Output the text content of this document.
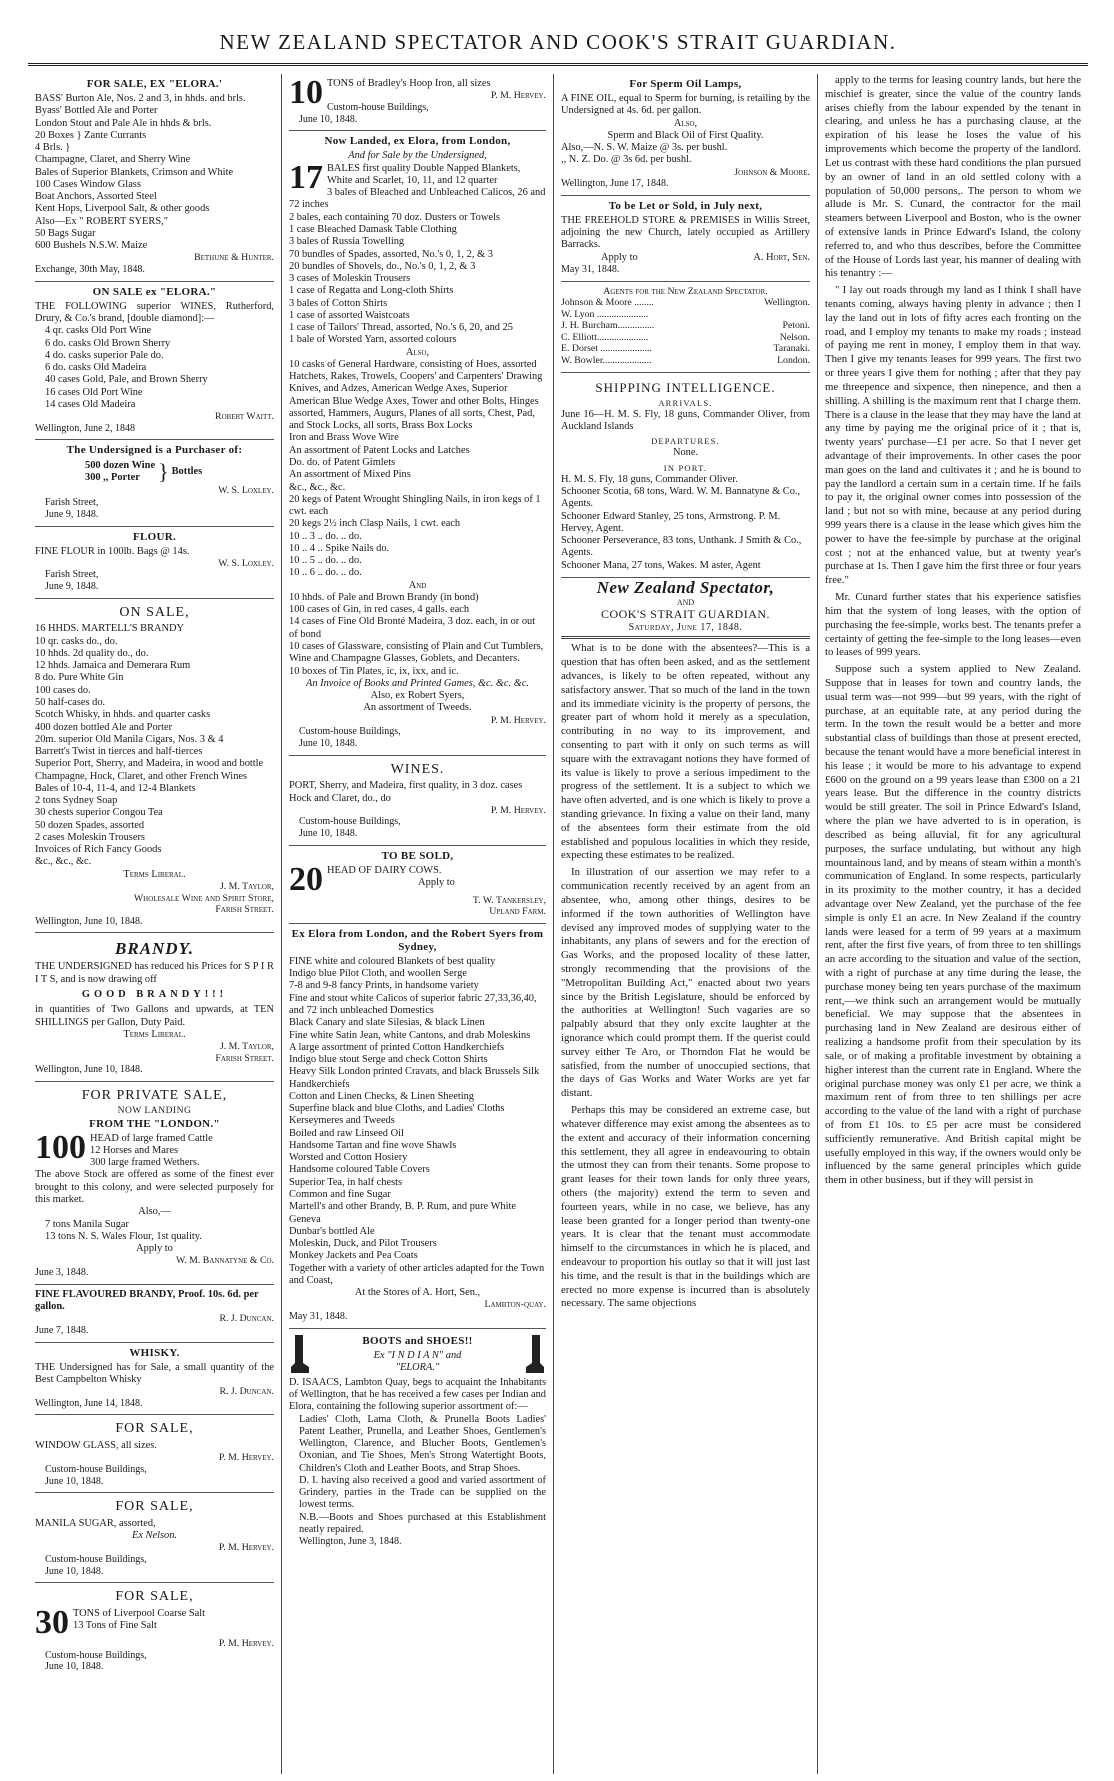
NEW ZEALAND SPECTATOR AND COOK'S STRAIT GUARDIAN.
FOR SALE, EX "ELORA.'
BASS' Burton Ale, Nos. 2 and 3, in hhds. and brls.
Byass' Bottled Ale and Porter
London Stout and Pale Ale in hhds & brls.
20 Boxes } Zante Currants
4 Brls. }
Champagne, Claret, and Sherry Wine
Bales of Superior Blankets, Crimson and White
100 Cases Window Glass
Boat Anchors, Assorted Steel
Kent Hops, Liverpool Salt, & other goods
Also—Ex " ROBERT SYERS,"
50 Bags Sugar
600 Bushels N.S.W. Maize
Bethune & Hunter.
Exchange, 30th May, 1848.
ON SALE ex "ELORA."
THE FOLLOWING superior WINES, Rutherford, Drury, & Co.'s brand, [double diamond]:—
4 qr. casks Old Port Wine
6 do. casks Old Brown Sherry
4 do. casks superior Pale do.
6 do. casks Old Madeira
40 cases Gold, Pale, and Brown Sherry
16 cases Old Port Wine
14 cases Old Madeira
Robert Waitt.
Wellington, June 2, 1848
The Undersigned is a Purchaser of:
500 dozen Wine
300 ,, Porter } Bottles
W. S. Loxley.
Farish Street,
June 9, 1848.
FLOUR.
FINE FLOUR in 100lb. Bags @ 14s.
W. S. Loxley.
Farish Street,
June 9, 1848.
ON SALE,
16 HHDS. MARTELL'S BRANDY
10 qr. casks do., do.
10 hhds. 2d quality do., do.
12 hhds. Jamaica and Demerara Rum
8 do. Pure White Gin
100 cases do.
50 half-cases do.
Scotch Whisky, in hhds. and quarter casks
400 dozen bottled Ale and Porter
20m. superior Old Manila Cigars, Nos. 3 & 4
Barrett's Twist in tierces and half-tierces
Superior Port, Sherry, and Madeira, in wood and bottle
Champagne, Hock, Claret, and other French Wines
Bales of 10-4, 11-4, and 12-4 Blankets
2 tons Sydney Soap
30 chests superior Congou Tea
50 dozen Spades, assorted
2 cases Moleskin Trousers
Invoices of Rich Fancy Goods
&c., &c., &c.
Terms Liberal.
J. M. Taylor,
Wholesale Wine and Spirit Store,
Farish Street.
Wellington, June 10, 1848.
BRANDY.
THE UNDERSIGNED has reduced his Prices for S P I R I T S, and is now drawing off
GOOD BRANDY!!!
in quantities of Two Gallons and upwards, at TEN SHILLINGS per Gallon, Duty Paid.
Terms Liberal.
J. M. Taylor,
Farish Street.
Wellington, June 10, 1848.
FOR PRIVATE SALE,
NOW LANDING
FROM THE "LONDON."
100 HEAD of large framed Cattle
12 Horses and Mares
300 large framed Wethers.
The above Stock are offered as some of the finest ever brought to this colony, and were selected purposely for this market.
Also,—
7 tons Manila Sugar
13 tons N. S. Wales Flour, 1st quality.
Apply to
W. M. Bannatyne & Co.
June 3, 1848.
FINE FLAVOURED BRANDY, Proof. 10s. 6d. per gallon.
R. J. Duncan.
June 7, 1848.
WHISKY.
THE Undersigned has for Sale, a small quantity of the Best Campbelton Whisky
R. J. Duncan.
Wellington, June 14, 1848.
FOR SALE,
WINDOW GLASS, all sizes.
P. M. Hervey.
Custom-house Buildings,
June 10, 1848.
FOR SALE,
MANILA SUGAR, assorted,
Ex Nelson.
P. M. Hervey.
Custom-house Buildings,
June 10, 1848.
FOR SALE,
30 TONS of Liverpool Coarse Salt
13 Tons of Fine Salt
P. M. Hervey.
Custom-house Buildings,
June 10, 1848.
10 TONS of Bradley's Hoop Iron, all sizes
P. M. Hervey.
Custom-house Buildings,
June 10, 1848.
Now Landed, ex Elora, from London,
And for Sale by the Undersigned,
17 BALES first quality Double Napped Blankets, White and Scarlet, 10, 11, and 12 quarter
3 bales of Bleached and Unbleached Calicos, 26 and 72 inches
2 bales, each containing 70 doz. Dusters or Towels
1 case Bleached Damask Table Clothing
3 bales of Russia Towelling
70 bundles of Spades, assorted, No.'s 0, 1, 2, & 3
20 bundles of Shovels, do., No.'s 0, 1, 2, & 3
3 cases of Moleskin Trousers
1 case of Regatta and Long-cloth Shirts
3 bales of Cotton Shirts
1 case of assorted Waistcoats
1 case of Tailors' Thread, assorted, No.'s 6, 20, and 25
1 bale of Worsted Yarn, assorted colours
Also,
10 casks of General Hardware, consisting of Hoes, assorted Hatchets, Rakes, Trowels, Coopers' and Carpenters' Drawing Knives, and Adzes, American Wedge Axes, Superior American Blue Wedge Axes, Tower and other Bolts, Hinges assorted, Hammers, Augurs, Planes of all sorts, Chest, Pad, and Stock Locks, all sorts, Brass Box Locks
Iron and Brass Wove Wire
An assortment of Patent Locks and Latches
Do. do. of Patent Gimlets
An assortment of Mixed Pins
&c., &c., &c.
20 kegs of Patent Wrought Shingling Nails, in iron kegs of 1 cwt. each
20 kegs 2½ inch Clasp Nails, 1 cwt. each
10 .. 3 .. do. .. do.
10 .. 4 .. Spike Nails do.
10 .. 5 .. do. .. do.
10 .. 6 .. do. .. do.
And
10 hhds. of Pale and Brown Brandy (in bond)
100 cases of Gin, in red cases, 4 galls. each
14 cases of Fine Old Bronté Madeira, 3 doz. each, in or out of bond
10 cases of Glassware, consisting of Plain and Cut Tumblers, Wine and Champagne Glasses, Goblets, and Decanters.
10 boxes of Tin Plates, ic, ix, ixx, and ic.
An Invoice of Books and Printed Games, &c. &c. &c.
Also, ex Robert Syers,
An assortment of Tweeds.
P. M. Hervey.
Custom-house Buildings,
June 10, 1848.
WINES.
PORT, Sherry, and Madeira, first quality, in 3 doz. cases
Hock and Claret, do., do
P. M. Hervey.
Custom-house Buildings,
June 10, 1848.
TO BE SOLD,
20 HEAD OF DAIRY COWS.
Apply to
T. W. Tankersley,
Upland Farm.
Ex Elora from London, and the Robert Syers from Sydney,
FINE white and coloured Blankets of best quality
Indigo blue Pilot Cloth, and woollen Serge
7-8 and 9-8 fancy Prints, in handsome variety
Fine and stout white Calicos of superior fabric 27,33,36,40, and 72 inch unbleached Domestics
Black Canary and slate Silesias, & black Linen
Fine white Satin Jean, white Cantons, and drab Moleskins
A large assortment of printed Cotton Handkerchiefs
Indigo blue stout Serge and check Cotton Shirts
Heavy Silk London printed Cravats, and black Brussels Silk Handkerchiefs
Cotton and Linen Checks, & Linen Sheeting
Superfine black and blue Cloths, and Ladies' Cloths
Kerseymeres and Tweeds
Boiled and raw Linseed Oil
Handsome Tartan and fine wove Shawls
Worsted and Cotton Hosiery
Handsome coloured Table Covers
Superior Tea, in half chests
Common and fine Sugar
Martell's and other Brandy, B. P. Rum, and pure White Geneva
Dunbar's bottled Ale
Moleskin, Duck, and Pilot Trousers
Monkey Jackets and Pea Coats
Together with a variety of other articles adapted for the Town and Coast,
At the Stores of A. Hort, Sen.,
Lambton-quay.
May 31, 1848.
BOOTS and SHOES!!
Ex "I N D I A N" and
"ELORA."
D. ISAACS, Lambton Quay, begs to acquaint the Inhabitants of Wellington, that he has received a few cases per Indian and Elora, containing the following superior assortment of:—
Ladies' Cloth, Lama Cloth, & Prunella Boots Ladies' Patent Leather, Prunella, and Leather Shoes, Gentlemen's Wellington, Clarence, and Blucher Boots, Gentlemen's Oxonian, and Tie Shoes, Men's Strong Watertight Boots, Children's Cloth and Leather Boots, and Strap Shoes.
D. I. having also received a good and varied assortment of Grindery, parties in the Trade can be supplied on the lowest terms.
N.B.—Boots and Shoes purchased at this Establishment neatly repaired.
Wellington, June 3, 1848.
For Sperm Oil Lamps,
A FINE OIL, equal to Sperm for burning, is retailing by the Undersigned at 4s. 6d. per gallon.
Also,
Sperm and Black Oil of First Quality.
Also,—N. S. W. Maize @ 3s. per bushl.
,, N. Z. Do. @ 3s 6d. per bushl.
Johnson & Moore.
Wellington, June 17, 1848.
To be Let or Sold, in July next,
THE FREEHOLD STORE & PREMISES in Willis Street, adjoining the new Church, lately occupied as Artillery Barracks.
Apply to	A. Hort, Sen.
May 31, 1848.
Agents for the New Zealand Spectator.
Johnson & Moore ........	Wellington.
W. Lyon .....................
J. H. Burcham...............	Petoni.
C. Elliott.....................	Nelson.
E. Dorset .....................	Taranaki.
W. Bowler....................	London.
SHIPPING INTELLIGENCE.
ARRIVALS.
June 16—H. M. S. Fly, 18 guns, Commander Oliver, from Auckland Islands
DEPARTURES.
None.
IN PORT.
H. M. S. Fly, 18 guns, Commander Oliver.
Schooner Scotia, 68 tons, Ward. W. M. Bannatyne & Co., Agents.
Schooner Edward Stanley, 25 tons, Armstrong. P. M. Hervey, Agent.
Schooner Perseverance, 83 tons, Unthank. J Smith & Co., Agents.
Schooner Mana, 27 tons, Wakes. M aster, Agent
New Zealand Spectator,
AND
COOK'S STRAIT GUARDIAN.
Saturday, June 17, 1848.

What is to be done with the absentees?—This is a question that has often been asked, and as the settlement advances, is likely to be often repeated, without any satisfactory answer. That so much of the land in the town and its immediate vicinity is the property of persons, the greater part of whom hold it merely as a speculation, contributing in no way to its improvement, and consenting to part with it only on such terms as will square with the extravagant notions they have formed of its value is likely to prove a serious impediment to the progress of the settlement. It is a subject to which we have often adverted, and is one which is likely to prove a standing grievance. In fixing a value on their land, many of the absentees form their estimate from the old established and populous localities in which they reside, expecting these estimates to be realized.

In illustration of our assertion we may refer to a communication recently received by an agent from an absentee, who, among other things, desires to be informed if the town authorities of Wellington have devised any improved modes of supplying water to the inhabitants, any plans of sewers and for the erection of Gas Works, and the proposed locality of these latter, strongly recommending that the provisions of the "Metropolitan Building Act," enacted about two years since by the British Legislature, should be enforced by the authorities at Wellington! Such vagaries are so palpably absurd that they only excite laughter at the ignorance which could prompt them. If the querist could survey either Te Aro, or Thorndon Flat he would be satisfied, from the number of unoccupied sections, that the days of Gas Works and Water Works are yet far distant.

Perhaps this may be considered an extreme case, but whatever difference may exist among the absentees as to the extent and accuracy of their information concerning this settlement, they all agree in endeavouring to obtain the utmost they can from their tenants. Some propose to grant leases for their town lands for only three years, others (the majority) extend the term to seven and fourteen years, while in no case, we believe, has any lease been granted for a longer period than twenty-one years. It is clear that the tenant must accommodate himself to the circumstances in which he is placed, and endeavour to proportion his outlay so that it will just last his time, and the result is that in the buildings which are erected no more expense is incurred than is absolutely necessary. The same objections

apply to the terms for leasing country lands, but here the mischief is greater, since the value of the country lands arises chiefly from the labour expended by the tenant in clearing, and unless he has a purchasing clause, at the expiration of his lease he loses the value of his improvements which become the property of the landlord. Let us contrast with these hard conditions the plan pursued by an owner of land in an old settled colony with a population of 50,000 persons,. The person to whom we allude is Mr. S. Cunard, the contractor for the mail steamers between Liverpool and Boston, who is the owner of extensive lands in Prince Edward's Island, the colony referred to, and who thus describes, before the Committee of the House of Lords last year, his manner of dealing with his tenantry :—

" I lay out roads through my land as I think I shall have tenants coming, always having plenty in advance ; then I lay the land out in lots of fifty acres each fronting on the road, and I employ my tenants to make my roads ; instead of paying me rent in money, I employ them in that way. Then I give my tenants leases for 999 years. The first two or three years I give them for nothing ; after that they pay me threepence and sixpence, then ninepence, and then a shilling. A shilling is the maximum rent that I charge them. There is a clause in the lease that they may have the land at any time by paying me the original price of it ; that is, twenty years' purchase—£1 per acre. So that I never get advantage of their improvements. In other cases the poor man goes on the land and cultivates it ; and he is bound to pay the landlord a certain sum in a certain time. If he fails to pay it, the original owner comes into possession of the land ; but not so with mine, because at any period during 999 years there is a clause in the lease which gives him the power to have the fee-simple by purchase at the original cost ; not at the enhanced value, but at twenty year's purchase at 1s. Then I gave him the first three or four years free."

Mr. Cunard further states that his experience satisfies him that the system of long leases, with the option of purchasing the fee-simple, works best. The tenants prefer a certainty of getting the fee-simple to the long leases—even to leases of 999 years.

Suppose such a system applied to New Zealand. Suppose that in leases for town and country lands, the usual term was—not 999—but 99 years, with the right of purchase, at an equitable rate, at any period during the term. In the town the result would be a better and more substantial class of buildings than those at present erected, because the tenant would have a more beneficial interest in his lease ; it would be more to his advantage to expend £600 on the ground on a 99 years lease than £300 on a 21 years lease. But the difference in the country districts would be still greater. The soil in Prince Edward's Island, where the plan we have adverted to is in operation, is described as being alluvial, fit for any agricultural purposes, the surface undulating, but without any high mountainous land, and by means of steam within a month's communication of England. In some respects, particularly in its proximity to the mother country, it has a decided advantage over New Zealand, yet the purchase of the fee simple is only £1 an acre. In New Zealand if the country lands were leased for a term of 99 years at a maximum rent, after the first five years, of from three to ten shillings an acre according to the situation and value of the section, with a right of purchase at any time during the lease, the purchase money being ten years purchase of the maximum rent,—we think such an arrangement would be mutually beneficial. We may suppose that the absentees in purchasing land in New Zealand are desirous either of realizing a handsome profit from their speculation by its sale, or of making a profitable investment by obtaining a higher interest than the current rate in England. Where the original purchase money was only £1 per acre, we think a maximum rent of from three to ten shillings per acre according to the value of the land with a right of purchase of from £1 10s. to £5 per acre must be considered sufficiently remunerative. And British capital might be usefully employed in this way, if the owners would only be influenced by the same general principles which guide them in other business, but if they will persist in
